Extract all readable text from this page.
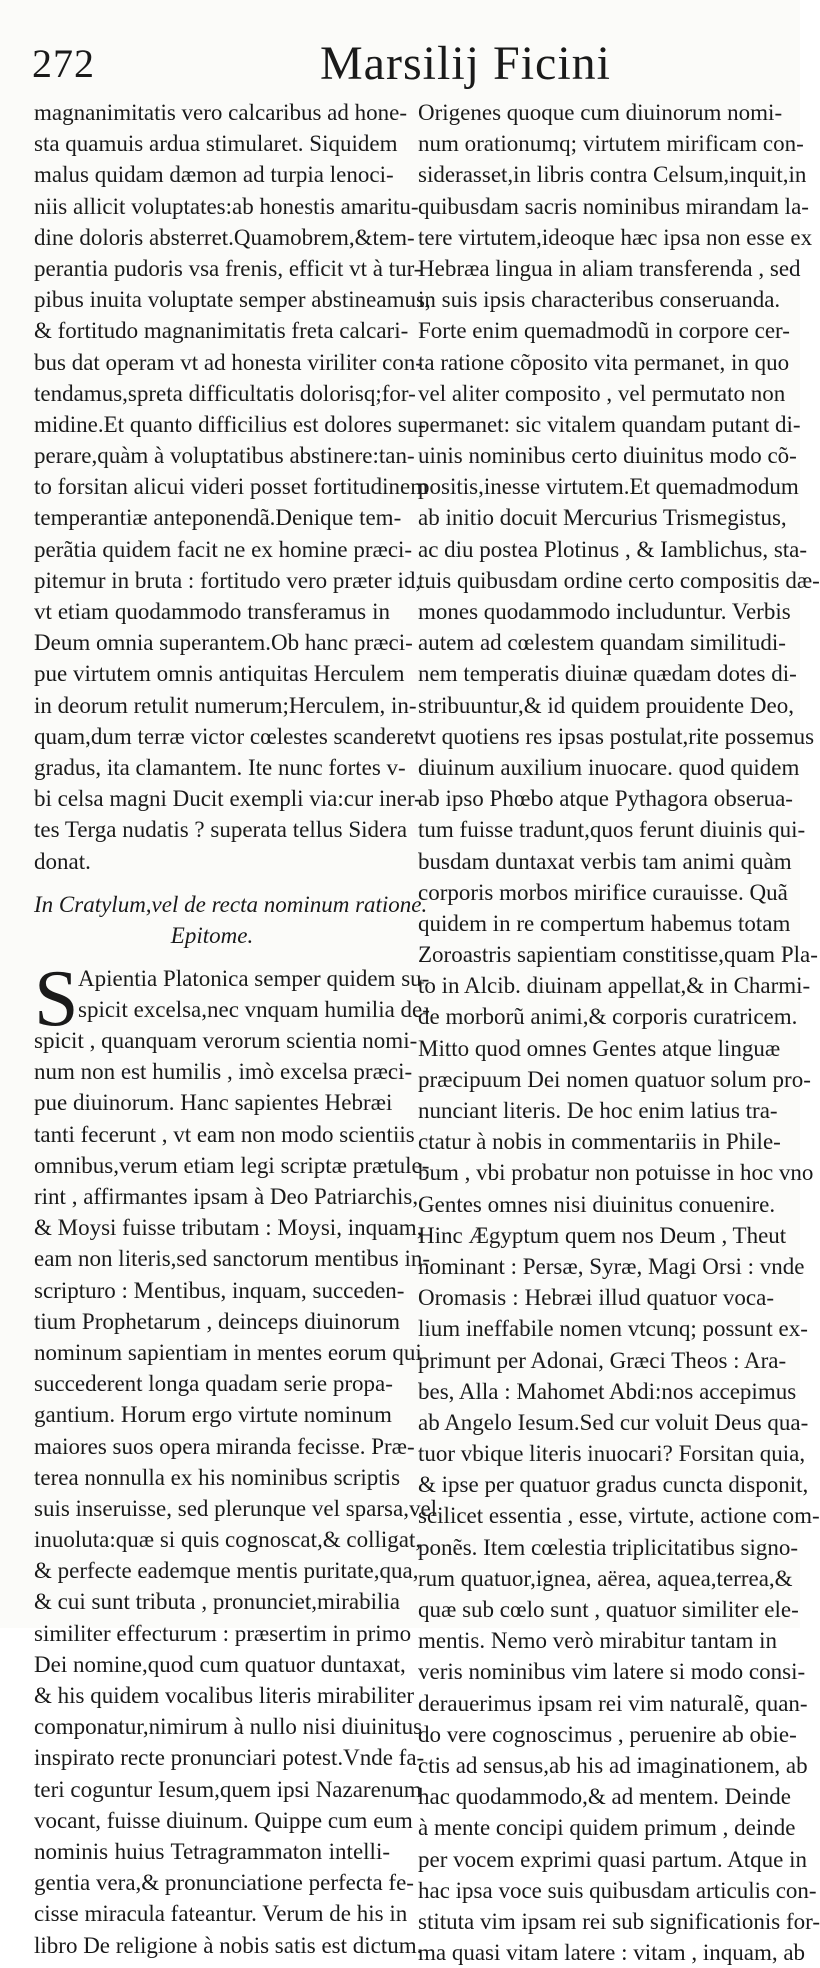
272	Marsilij Ficini
magnanimitatis vero calcaribus ad hone-
sta quamuis ardua stimularet. Siquidem
malus quidam dæmon ad turpia lenoci-
niis allicit voluptates:ab honestis amaritu-
dine doloris absterret.Quamobrem,&tem-
perantia pudoris vsa frenis, efficit vt à tur-
pibus inuita voluptate semper abstineamus,
& fortitudo magnanimitatis freta calcari-
bus dat operam vt ad honesta viriliter con-
tendamus,spreta difficultatis dolorisq;for-
midine.Et quanto difficilius est dolores su-
perare,quàm à voluptatibus abstinere:tan-
to forsitan alicui videri posset fortitudinem
temperantiæ anteponendã.Denique tem-
perãtia quidem facit ne ex homine præci-
pitemur in bruta : fortitudo vero præter id,
vt etiam quodammodo transferamus in
Deum omnia superantem.Ob hanc præci-
pue virtutem omnis antiquitas Herculem
in deorum retulit numerum;Herculem, in-
quam,dum terræ victor cœlestes scanderet
gradus, ita clamantem. Ite nunc fortes v-
bi celsa magni Ducit exempli via:cur iner-
tes Terga nudatis ? superata tellus Sidera
donat.
In Cratylum,vel de recta nominum ratione.
Epitome.
S Apientia Platonica semper quidem su-
spicit excelsa,nec vnquam humilia de-
spicit , quanquam verorum scientia nomi-
num non est humilis , imò excelsa præci-
pue diuinorum. Hanc sapientes Hebræi
tanti fecerunt , vt eam non modo scientiis
omnibus,verum etiam legi scriptæ prætule-
rint , affirmantes ipsam à Deo Patriarchis,
& Moysi fuisse tributam : Moysi, inquam,
eam non literis,sed sanctorum mentibus in-
scripturo : Mentibus, inquam, succeden-
tium Prophetarum , deinceps diuinorum
nominum sapientiam in mentes eorum qui
succederent longa quadam serie propa-
gantium. Horum ergo virtute nominum
maiores suos opera miranda fecisse. Præ-
terea nonnulla ex his nominibus scriptis
suis inseruisse, sed plerunque vel sparsa,vel
inuoluta:quæ si quis cognoscat,& colligat,
& perfecte eademque mentis puritate,qua,
& cui sunt tributa , pronunciet,mirabilia
similiter effecturum : præsertim in primo
Dei nomine,quod cum quatuor duntaxat,
& his quidem vocalibus literis mirabiliter
componatur,nimirum à nullo nisi diuinitus
inspirato recte pronunciari potest.Vnde fa-
teri coguntur Iesum,quem ipsi Nazarenum
vocant, fuisse diuinum. Quippe cum eum
nominis huius Tetragrammaton intelli-
gentia vera,& pronunciatione perfecta fe-
cisse miracula fateantur. Verum de his in
libro De religione à nobis satis est dictum.
Origenes quoque cum diuinorum nomi-
num orationumq; virtutem mirificam con-
siderasset,in libris contra Celsum,inquit,in
quibusdam sacris nominibus mirandam la-
tere virtutem,ideoque hæc ipsa non esse ex
Hebræa lingua in aliam transferenda , sed
in suis ipsis characteribus conseruanda.
Forte enim quemadmodũ in corpore cer-
ta ratione cõposito vita permanet, in quo
vel aliter composito , vel permutato non
permanet: sic vitalem quandam putant di-
uinis nominibus certo diuinitus modo cõ-
positis,inesse virtutem.Et quemadmodum
ab initio docuit Mercurius Trismegistus,
ac diu postea Plotinus , & Iamblichus, sta-
tuis quibusdam ordine certo compositis dæ-
mones quodammodo includuntur. Verbis
autem ad cœlestem quandam similitudi-
nem temperatis diuinæ quædam dotes di-
stribuuntur,& id quidem prouidente Deo,
vt quotiens res ipsas postulat,rite possemus
diuinum auxilium inuocare. quod quidem
ab ipso Phœbo atque Pythagora obserua-
tum fuisse tradunt,quos ferunt diuinis qui-
busdam duntaxat verbis tam animi quàm
corporis morbos mirifice curauisse. Quã
quidem in re compertum habemus totam
Zoroastris sapientiam constitisse,quam Pla-
to in Alcib. diuinam appellat,& in Charmi-
de morborũ animi,& corporis curatricem.
Mitto quod omnes Gentes atque linguæ
præcipuum Dei nomen quatuor solum pro-
nunciant literis. De hoc enim latius tra-
ctatur à nobis in commentariis in Phile-
bum , vbi probatur non potuisse in hoc vno
Gentes omnes nisi diuinitus conuenire.
Hinc Ægyptum quem nos Deum , Theut
nominant : Persæ, Syræ, Magi Orsi : vnde
Oromasis : Hebræi illud quatuor voca-
lium ineffabile nomen vtcunq; possunt ex-
primunt per Adonai, Græci Theos : Ara-
bes, Alla : Mahomet Abdi:nos accepimus
ab Angelo Iesum.Sed cur voluit Deus qua-
tuor vbique literis inuocari? Forsitan quia,
& ipse per quatuor gradus cuncta disponit,
scilicet essentia , esse, virtute, actione com-
ponẽs. Item cœlestia triplicitatibus signo-
rum quatuor,ignea, aërea, aquea,terrea,&
quæ sub cœlo sunt , quatuor similiter ele-
mentis. Nemo verò mirabitur tantam in
veris nominibus vim latere si modo consi-
derauerimus ipsam rei vim naturalẽ, quan-
do vere cognoscimus , peruenire ab obie-
ctis ad sensus,ab his ad imaginationem, ab
hac quodammodo,& ad mentem. Deinde
à mente concipi quidem primum , deinde
per vocem exprimi quasi partum. Atque in
hac ipsa voce suis quibusdam articulis con-
stituta vim ipsam rei sub significationis for-
ma quasi vitam latere : vitam , inquam, ab
